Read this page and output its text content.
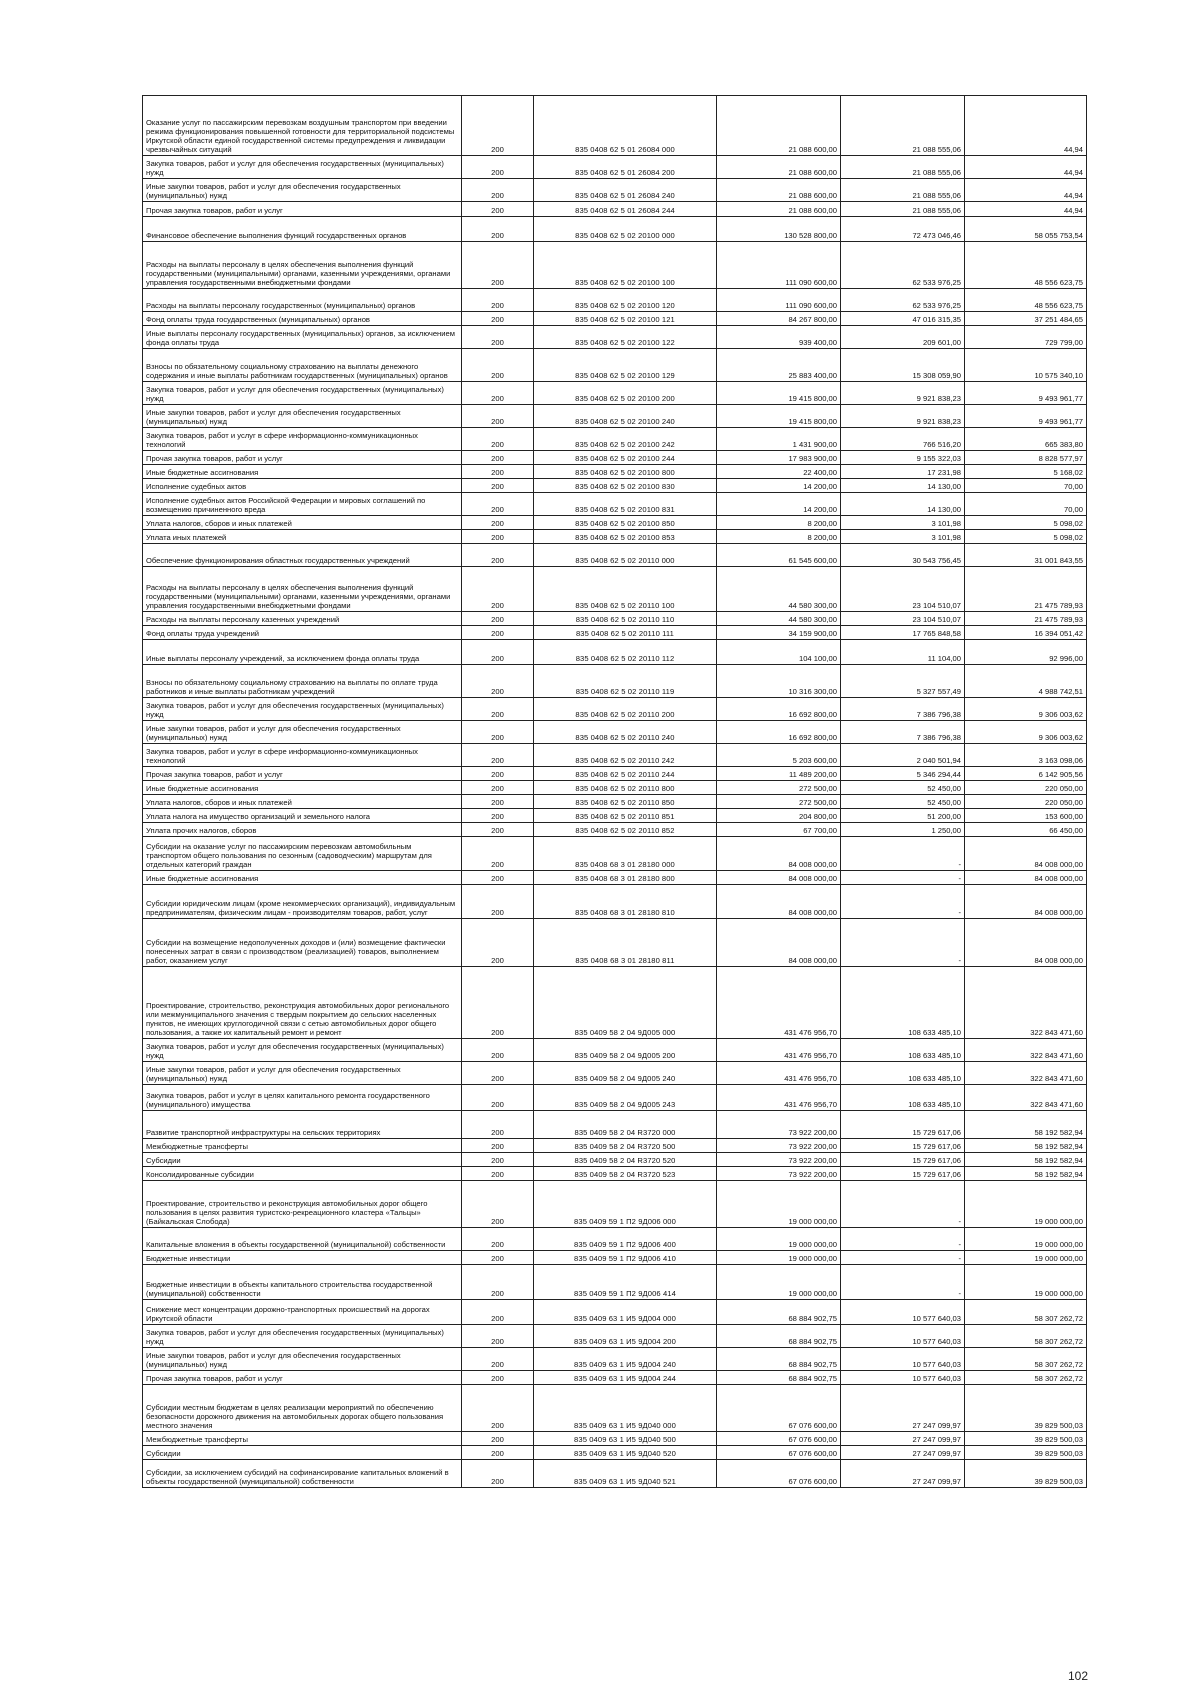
Оказание услуг по пассажирским перевозкам воздушным транспортом при введении режима функционирования повышенной готовности для территориальной подсистемы Иркутской области единой государственной системы предупреждения и ликвидации чрезвычайных ситуаций	200	835 0408 62 5 01 26084 000	21 088 600,00	21 088 555,06	44,94
Закупка товаров, работ и услуг для обеспечения государственных (муниципальных) нужд	200	835 0408 62 5 01 26084 200	21 088 600,00	21 088 555,06	44,94
Иные закупки товаров, работ и услуг для обеспечения государственных (муниципальных) нужд	200	835 0408 62 5 01 26084 240	21 088 600,00	21 088 555,06	44,94
Прочая закупка товаров, работ и услуг	200	835 0408 62 5 01 26084 244	21 088 600,00	21 088 555,06	44,94
Финансовое обеспечение выполнения функций государственных органов	200	835 0408 62 5 02 20100 000	130 528 800,00	72 473 046,46	58 055 753,54
Расходы на выплаты персоналу в целях обеспечения выполнения функций государственными (муниципальными) органами, казенными учреждениями, органами управления государственными внебюджетными фондами	200	835 0408 62 5 02 20100 100	111 090 600,00	62 533 976,25	48 556 623,75
Расходы на выплаты персоналу государственных (муниципальных) органов	200	835 0408 62 5 02 20100 120	111 090 600,00	62 533 976,25	48 556 623,75
Фонд оплаты труда государственных (муниципальных) органов	200	835 0408 62 5 02 20100 121	84 267 800,00	47 016 315,35	37 251 484,65
Иные выплаты персоналу государственных (муниципальных) органов, за исключением фонда оплаты труда	200	835 0408 62 5 02 20100 122	939 400,00	209 601,00	729 799,00
Взносы по обязательному социальному страхованию на выплаты денежного содержания и иные выплаты работникам государственных (муниципальных) органов	200	835 0408 62 5 02 20100 129	25 883 400,00	15 308 059,90	10 575 340,10
Закупка товаров, работ и услуг для обеспечения государственных (муниципальных) нужд	200	835 0408 62 5 02 20100 200	19 415 800,00	9 921 838,23	9 493 961,77
Иные закупки товаров, работ и услуг для обеспечения государственных (муниципальных) нужд	200	835 0408 62 5 02 20100 240	19 415 800,00	9 921 838,23	9 493 961,77
Закупка товаров, работ и услуг в сфере информационно-коммуникационных технологий	200	835 0408 62 5 02 20100 242	1 431 900,00	766 516,20	665 383,80
Прочая закупка товаров, работ и услуг	200	835 0408 62 5 02 20100 244	17 983 900,00	9 155 322,03	8 828 577,97
Иные бюджетные ассигнования	200	835 0408 62 5 02 20100 800	22 400,00	17 231,98	5 168,02
Исполнение судебных актов	200	835 0408 62 5 02 20100 830	14 200,00	14 130,00	70,00
Исполнение судебных актов Российской Федерации и мировых соглашений по возмещению причиненного вреда	200	835 0408 62 5 02 20100 831	14 200,00	14 130,00	70,00
Уплата налогов, сборов и иных платежей	200	835 0408 62 5 02 20100 850	8 200,00	3 101,98	5 098,02
Уплата иных платежей	200	835 0408 62 5 02 20100 853	8 200,00	3 101,98	5 098,02
Обеспечение функционирования областных государственных учреждений	200	835 0408 62 5 02 20110 000	61 545 600,00	30 543 756,45	31 001 843,55
Расходы на выплаты персоналу в целях обеспечения выполнения функций государственными (муниципальными) органами, казенными учреждениями, органами управления государственными внебюджетными фондами	200	835 0408 62 5 02 20110 100	44 580 300,00	23 104 510,07	21 475 789,93
Расходы на выплаты персоналу казенных учреждений	200	835 0408 62 5 02 20110 110	44 580 300,00	23 104 510,07	21 475 789,93
Фонд оплаты труда учреждений	200	835 0408 62 5 02 20110 111	34 159 900,00	17 765 848,58	16 394 051,42
Иные выплаты персоналу учреждений, за исключением фонда оплаты труда	200	835 0408 62 5 02 20110 112	104 100,00	11 104,00	92 996,00
Взносы по обязательному социальному страхованию на выплаты по оплате труда работников и иные выплаты работникам учреждений	200	835 0408 62 5 02 20110 119	10 316 300,00	5 327 557,49	4 988 742,51
Закупка товаров, работ и услуг для обеспечения государственных (муниципальных) нужд	200	835 0408 62 5 02 20110 200	16 692 800,00	7 386 796,38	9 306 003,62
Иные закупки товаров, работ и услуг для обеспечения государственных (муниципальных) нужд	200	835 0408 62 5 02 20110 240	16 692 800,00	7 386 796,38	9 306 003,62
Закупка товаров, работ и услуг в сфере информационно-коммуникационных технологий	200	835 0408 62 5 02 20110 242	5 203 600,00	2 040 501,94	3 163 098,06
Прочая закупка товаров, работ и услуг	200	835 0408 62 5 02 20110 244	11 489 200,00	5 346 294,44	6 142 905,56
Иные бюджетные ассигнования	200	835 0408 62 5 02 20110 800	272 500,00	52 450,00	220 050,00
Уплата налогов, сборов и иных платежей	200	835 0408 62 5 02 20110 850	272 500,00	52 450,00	220 050,00
Уплата налога на имущество организаций и земельного налога	200	835 0408 62 5 02 20110 851	204 800,00	51 200,00	153 600,00
Уплата прочих налогов, сборов	200	835 0408 62 5 02 20110 852	67 700,00	1 250,00	66 450,00
Субсидии на оказание услуг по пассажирским перевозкам автомобильным транспортом общего пользования по сезонным (садоводческим) маршрутам для отдельных категорий граждан	200	835 0408 68 3 01 28180 000	84 008 000,00	-	84 008 000,00
Иные бюджетные ассигнования	200	835 0408 68 3 01 28180 800	84 008 000,00	-	84 008 000,00
Субсидии юридическим лицам (кроме некоммерческих организаций), индивидуальным предпринимателям, физическим лицам - производителям товаров, работ, услуг	200	835 0408 68 3 01 28180 810	84 008 000,00	-	84 008 000,00
Субсидии на возмещение недополученных доходов и (или) возмещение фактически понесенных затрат в связи с производством (реализацией) товаров, выполнением работ, оказанием услуг	200	835 0408 68 3 01 28180 811	84 008 000,00	-	84 008 000,00
Проектирование, строительство, реконструкция автомобильных дорог регионального или межмуниципального значения с твердым покрытием до сельских населенных пунктов, не имеющих круглогодичной связи с сетью автомобильных дорог общего пользования, а также их капитальный ремонт и ремонт	200	835 0409 58 2 04 9Д005 000	431 476 956,70	108 633 485,10	322 843 471,60
Закупка товаров, работ и услуг для обеспечения государственных (муниципальных) нужд	200	835 0409 58 2 04 9Д005 200	431 476 956,70	108 633 485,10	322 843 471,60
Иные закупки товаров, работ и услуг для обеспечения государственных (муниципальных) нужд	200	835 0409 58 2 04 9Д005 240	431 476 956,70	108 633 485,10	322 843 471,60
Закупка товаров, работ и услуг в целях капитального ремонта государственного (муниципального) имущества	200	835 0409 58 2 04 9Д005 243	431 476 956,70	108 633 485,10	322 843 471,60
Развитие транспортной инфраструктуры на сельских территориях	200	835 0409 58 2 04 R3720 000	73 922 200,00	15 729 617,06	58 192 582,94
Межбюджетные трансферты	200	835 0409 58 2 04 R3720 500	73 922 200,00	15 729 617,06	58 192 582,94
Субсидии	200	835 0409 58 2 04 R3720 520	73 922 200,00	15 729 617,06	58 192 582,94
Консолидированные субсидии	200	835 0409 58 2 04 R3720 523	73 922 200,00	15 729 617,06	58 192 582,94
Проектирование, строительство и реконструкция автомобильных дорог общего пользования в целях развития туристско-рекреационного кластера «Тальцы» (Байкальская Слобода)	200	835 0409 59 1 П2 9Д006 000	19 000 000,00	-	19 000 000,00
Капитальные вложения в объекты государственной (муниципальной) собственности	200	835 0409 59 1 П2 9Д006 400	19 000 000,00	-	19 000 000,00
Бюджетные инвестиции	200	835 0409 59 1 П2 9Д006 410	19 000 000,00	-	19 000 000,00
Бюджетные инвестиции в объекты капитального строительства государственной (муниципальной) собственности	200	835 0409 59 1 П2 9Д006 414	19 000 000,00	-	19 000 000,00
Снижение мест концентрации дорожно-транспортных происшествий на дорогах Иркутской области	200	835 0409 63 1 И5 9Д004 000	68 884 902,75	10 577 640,03	58 307 262,72
Закупка товаров, работ и услуг для обеспечения государственных (муниципальных) нужд	200	835 0409 63 1 И5 9Д004 200	68 884 902,75	10 577 640,03	58 307 262,72
Иные закупки товаров, работ и услуг для обеспечения государственных (муниципальных) нужд	200	835 0409 63 1 И5 9Д004 240	68 884 902,75	10 577 640,03	58 307 262,72
Прочая закупка товаров, работ и услуг	200	835 0409 63 1 И5 9Д004 244	68 884 902,75	10 577 640,03	58 307 262,72
Субсидии местным бюджетам в целях реализации мероприятий по обеспечению безопасности дорожного движения на автомобильных дорогах общего пользования местного значения	200	835 0409 63 1 И5 9Д040 000	67 076 600,00	27 247 099,97	39 829 500,03
Межбюджетные трансферты	200	835 0409 63 1 И5 9Д040 500	67 076 600,00	27 247 099,97	39 829 500,03
Субсидии	200	835 0409 63 1 И5 9Д040 520	67 076 600,00	27 247 099,97	39 829 500,03
Субсидии, за исключением субсидий на софинансирование капитальных вложений в объекты государственной (муниципальной) собственности	200	835 0409 63 1 И5 9Д040 521	67 076 600,00	27 247 099,97	39 829 500,03
102
